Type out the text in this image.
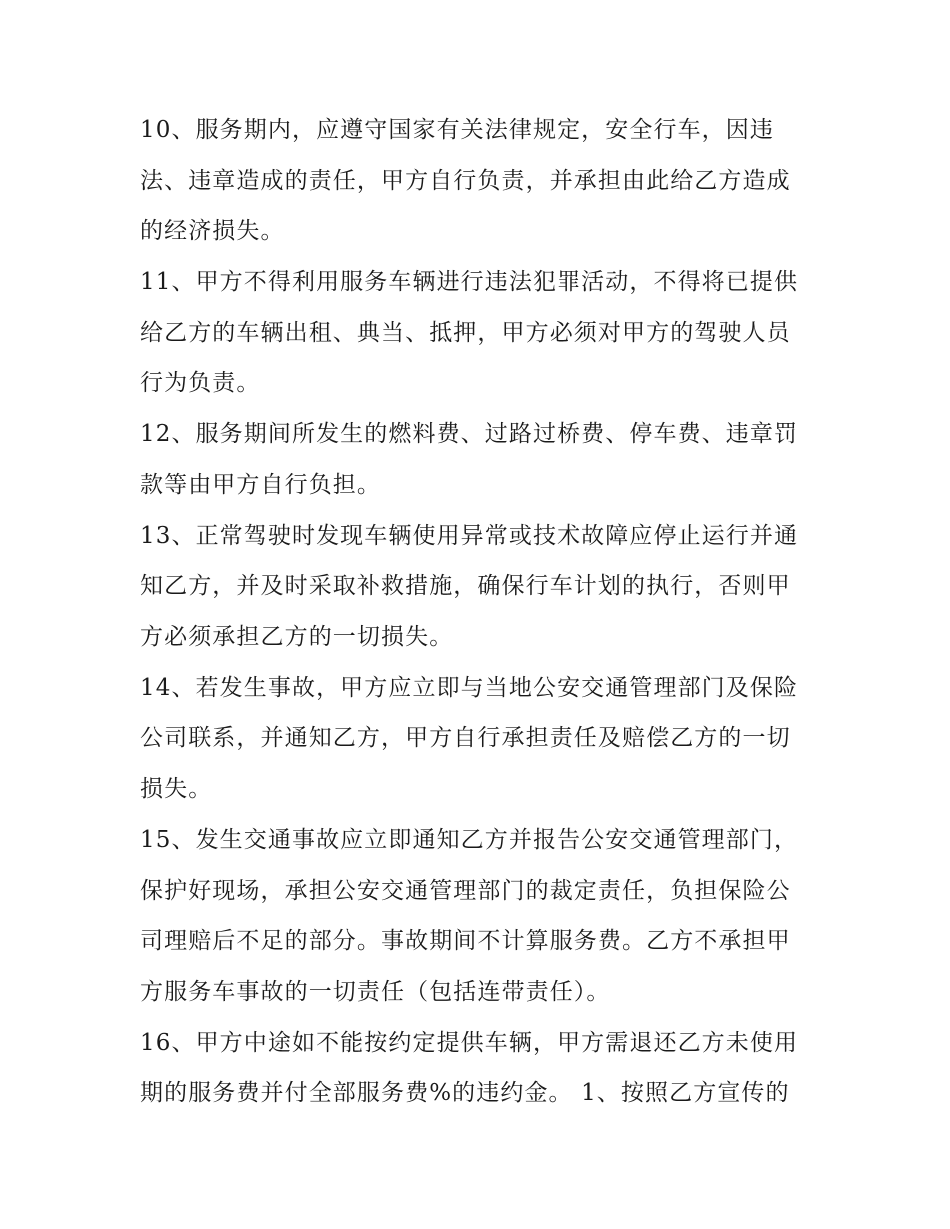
10、服务期内，应遵守国家有关法律规定，安全行车，因违
法、违章造成的责任，甲方自行负责，并承担由此给乙方造成
的经济损失。
11、甲方不得利用服务车辆进行违法犯罪活动，不得将已提供
给乙方的车辆出租、典当、抵押，甲方必须对甲方的驾驶人员
行为负责。
12、服务期间所发生的燃料费、过路过桥费、停车费、违章罚
款等由甲方自行负担。
13、正常驾驶时发现车辆使用异常或技术故障应停止运行并通
知乙方，并及时采取补救措施，确保行车计划的执行，否则甲
方必须承担乙方的一切损失。
14、若发生事故，甲方应立即与当地公安交通管理部门及保险
公司联系，并通知乙方，甲方自行承担责任及赔偿乙方的一切
损失。
15、发生交通事故应立即通知乙方并报告公安交通管理部门，
保护好现场，承担公安交通管理部门的裁定责任，负担保险公
司理赔后不足的部分。事故期间不计算服务费。乙方不承担甲
方服务车事故的一切责任（包括连带责任）。
16、甲方中途如不能按约定提供车辆，甲方需退还乙方未使用
期的服务费并付全部服务费%的违约金。 1、按照乙方宣传的
